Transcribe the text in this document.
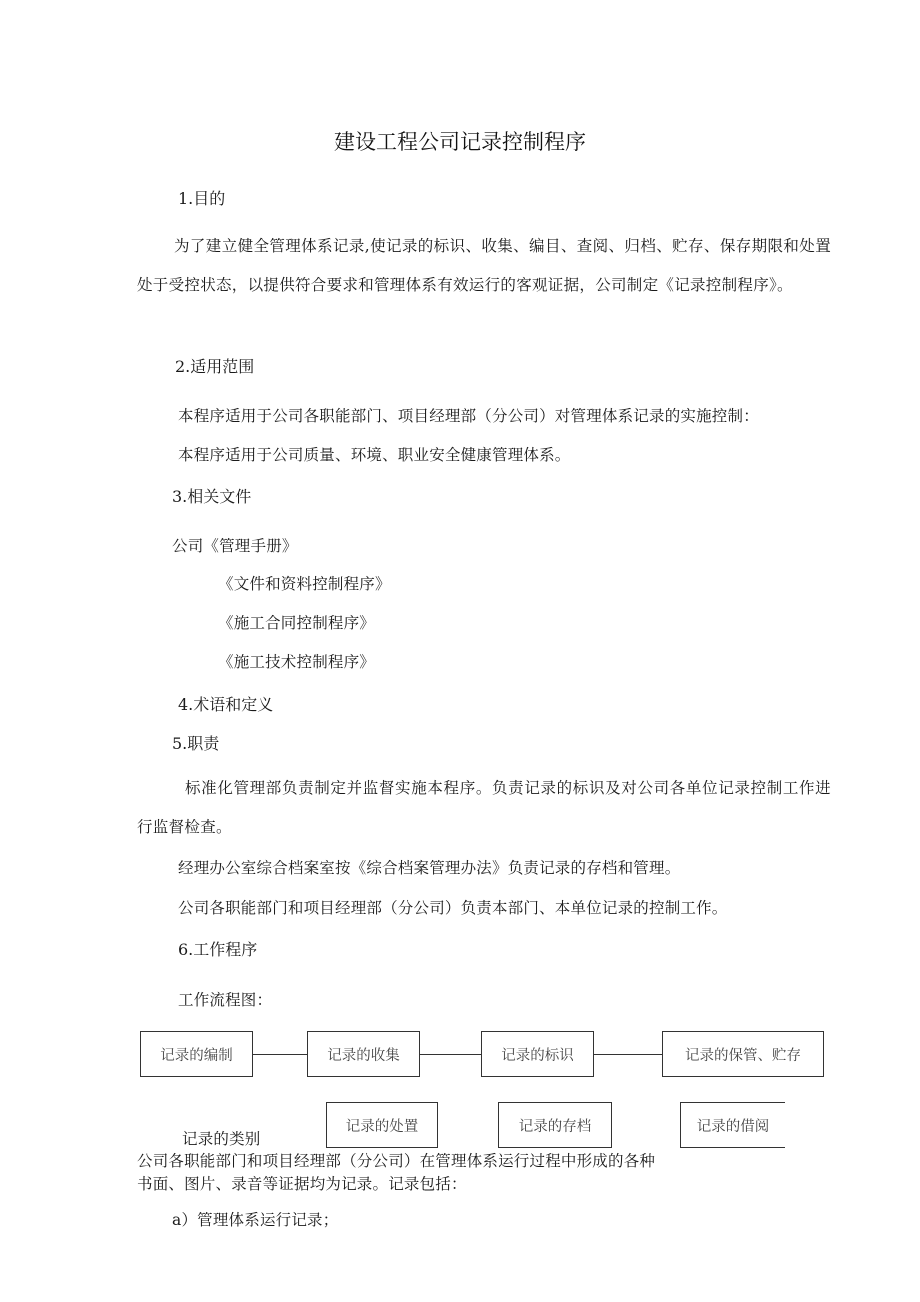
建设工程公司记录控制程序
1.目的
为了建立健全管理体系记录,使记录的标识、收集、编目、查阅、归档、贮存、保存期限和处置处于受控状态，以提供符合要求和管理体系有效运行的客观证据，公司制定《记录控制程序》。
2.适用范围
本程序适用于公司各职能部门、项目经理部（分公司）对管理体系记录的实施控制：
本程序适用于公司质量、环境、职业安全健康管理体系。
3.相关文件
公司《管理手册》
《文件和资料控制程序》
《施工合同控制程序》
《施工技术控制程序》
4.术语和定义
5.职责
标准化管理部负责制定并监督实施本程序。负责记录的标识及对公司各单位记录控制工作进行监督检查。
经理办公室综合档案室按《综合档案管理办法》负责记录的存档和管理。
公司各职能部门和项目经理部（分公司）负责本部门、本单位记录的控制工作。
6.工作程序
工作流程图：
记录的编制	记录的收集	记录的标识	记录的保管、贮存
记录的处置	记录的存档	记录的借阅
记录的类别
公司各职能部门和项目经理部（分公司）在管理体系运行过程中形成的各种
书面、图片、录音等证据均为记录。记录包括：
a）管理体系运行记录；
